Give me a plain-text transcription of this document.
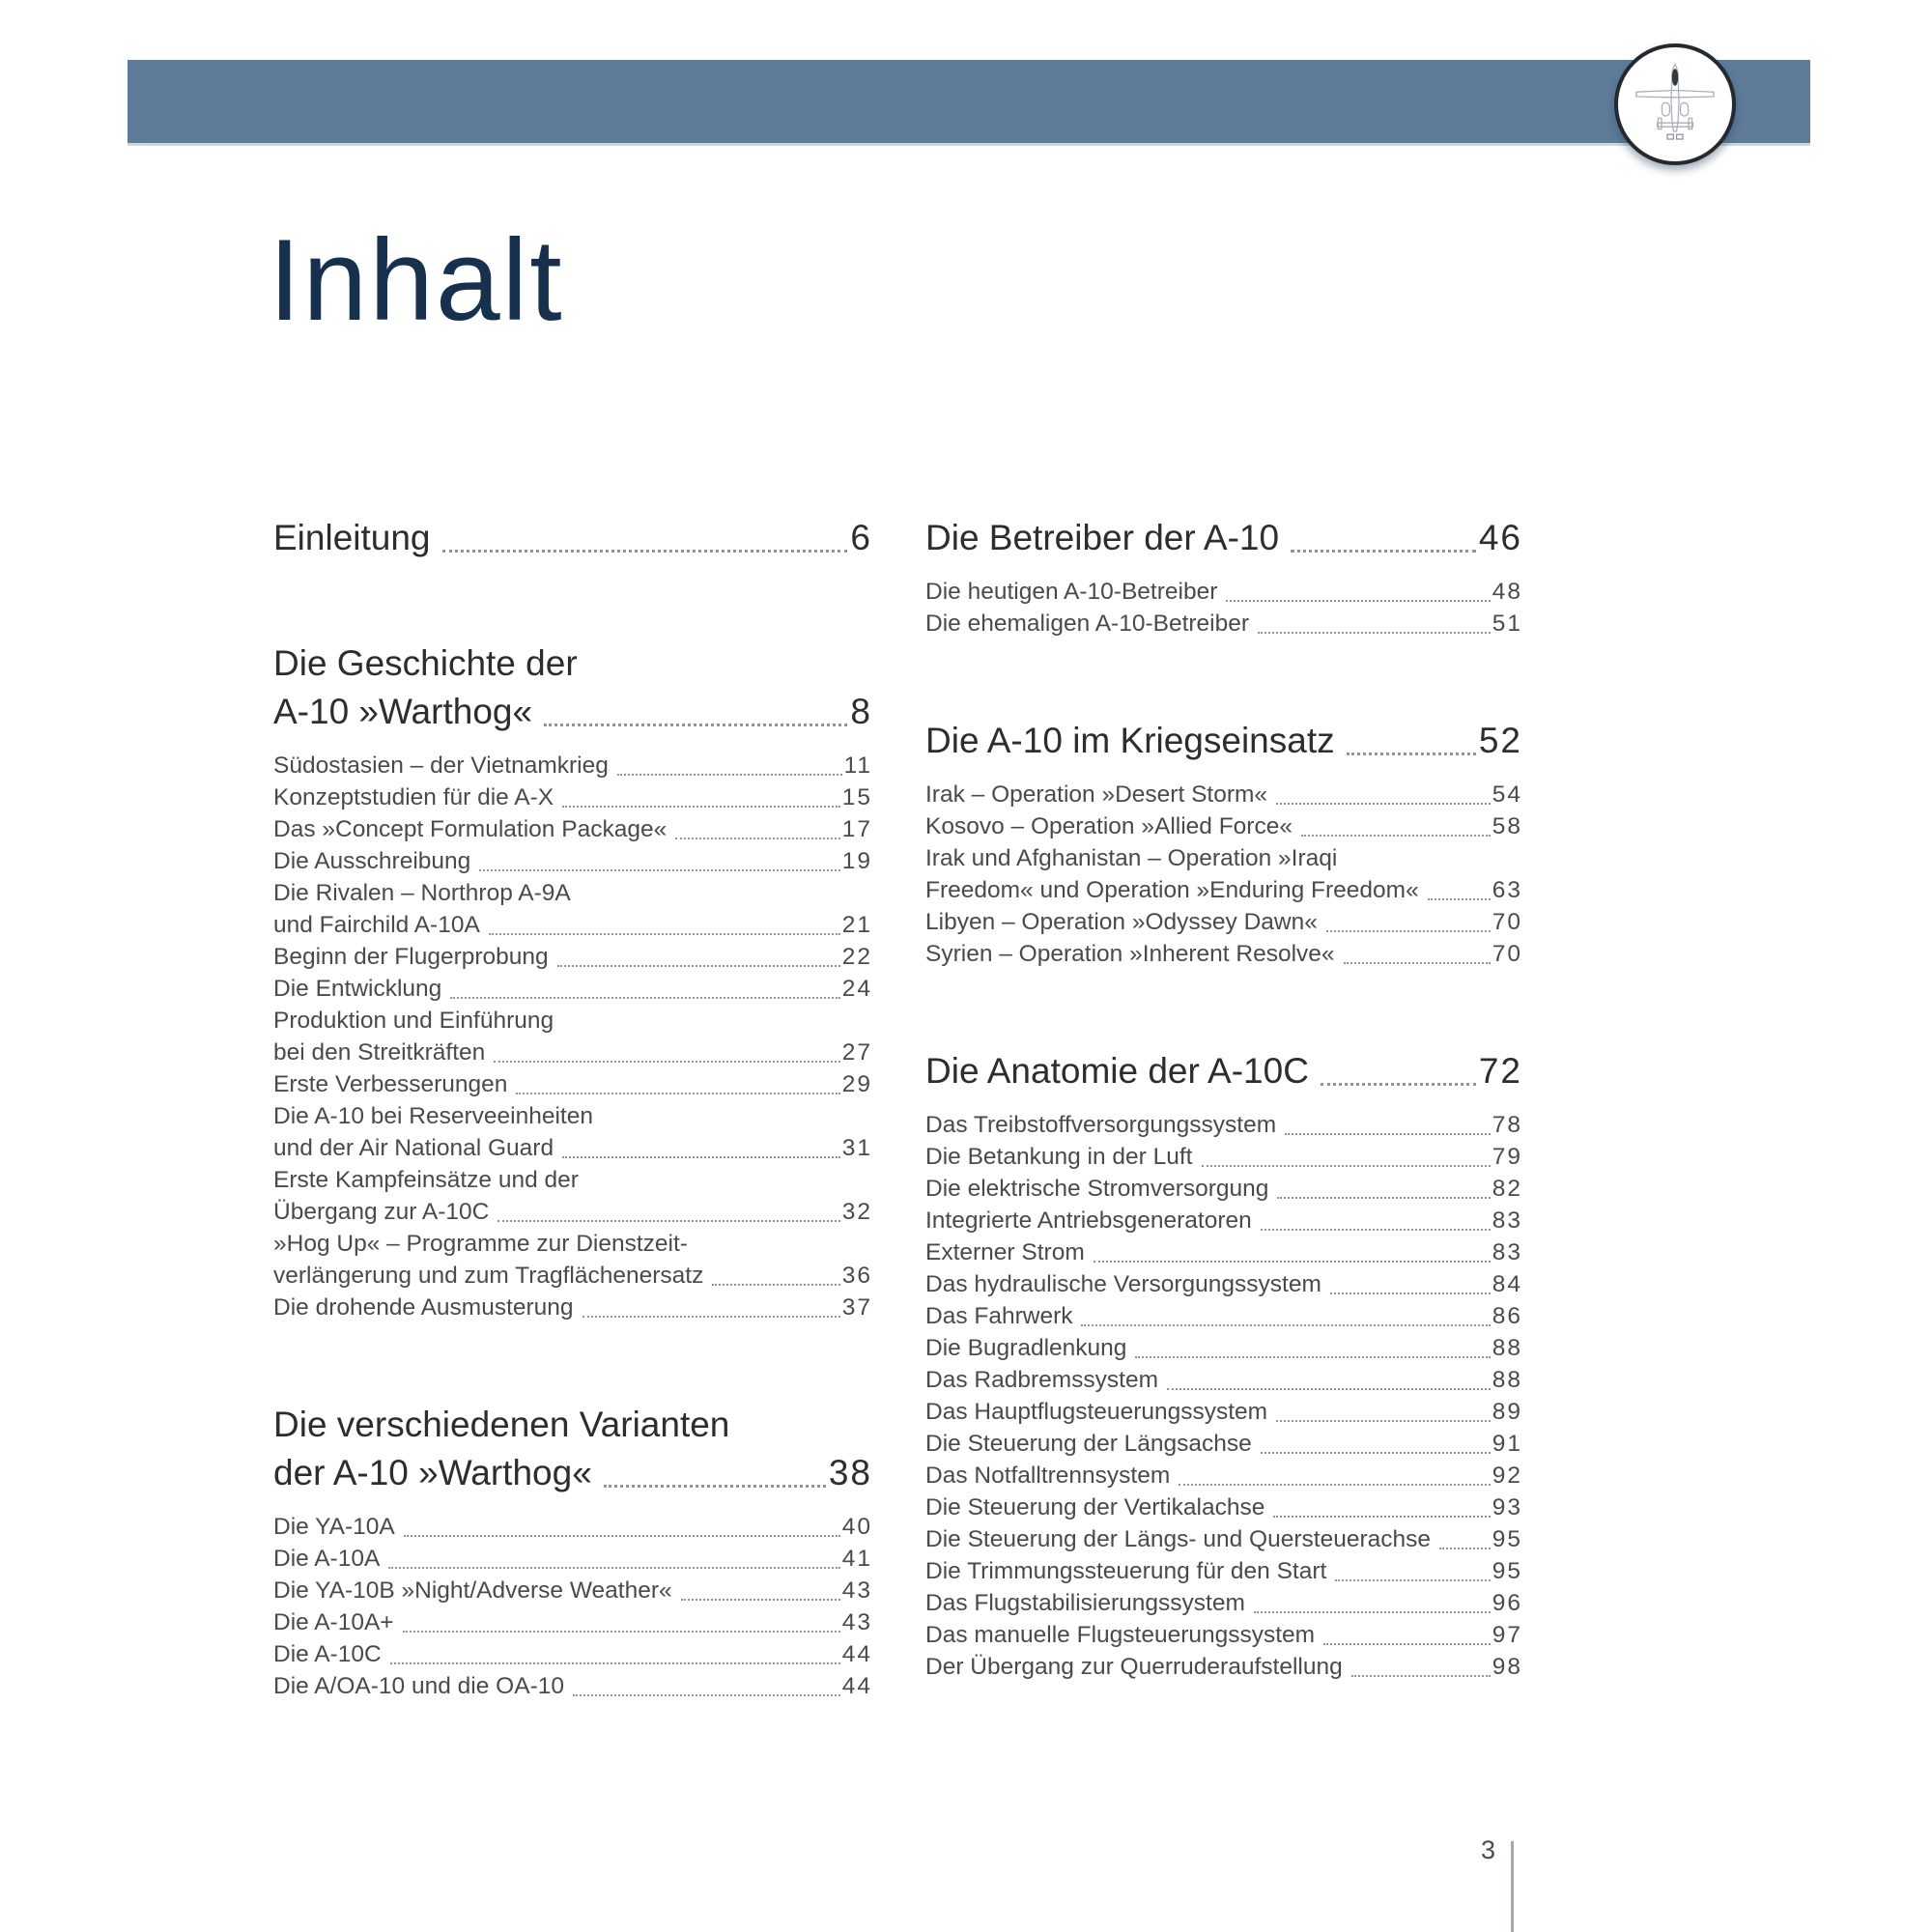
Inhalt
Einleitung	6
Die Geschichte der
A-10 »Warthog«	8
Südostasien – der Vietnamkrieg	11
Konzeptstudien für die A-X	15
Das »Concept Formulation Package«	17
Die Ausschreibung	19
Die Rivalen – Northrop A-9A
und Fairchild A-10A	21
Beginn der Flugerprobung	22
Die Entwicklung	24
Produktion und Einführung
bei den Streitkräften	27
Erste Verbesserungen	29
Die A-10 bei Reserveeinheiten
und der Air National Guard	31
Erste Kampfeinsätze und der
Übergang zur A-10C	32
»Hog Up« – Programme zur Dienstzeit-
verlängerung und zum Tragflächenersatz	36
Die drohende Ausmusterung	37
Die verschiedenen Varianten
der A-10 »Warthog«	38
Die YA-10A	40
Die A-10A	41
Die YA-10B »Night/Adverse Weather«	43
Die A-10A+	43
Die A-10C	44
Die A/OA-10 und die OA-10	44
Die Betreiber der A-10	46
Die heutigen A-10-Betreiber	48
Die ehemaligen A-10-Betreiber	51
Die A-10 im Kriegseinsatz	52
Irak – Operation »Desert Storm«	54
Kosovo – Operation »Allied Force«	58
Irak und Afghanistan – Operation »Iraqi
Freedom« und Operation »Enduring Freedom«	63
Libyen – Operation »Odyssey Dawn«	70
Syrien – Operation »Inherent Resolve«	70
Die Anatomie der A-10C	72
Das Treibstoffversorgungssystem	78
Die Betankung in der Luft	79
Die elektrische Stromversorgung	82
Integrierte Antriebsgeneratoren	83
Externer Strom	83
Das hydraulische Versorgungssystem	84
Das Fahrwerk	86
Die Bugradlenkung	88
Das Radbremssystem	88
Das Hauptflugsteuerungssystem	89
Die Steuerung der Längsachse	91
Das Notfalltrennsystem	92
Die Steuerung der Vertikalachse	93
Die Steuerung der Längs- und Quersteuerachse	95
Die Trimmungssteuerung für den Start	95
Das Flugstabilisierungssystem	96
Das manuelle Flugsteuerungssystem	97
Der Übergang zur Querruderaufstellung	98
3
